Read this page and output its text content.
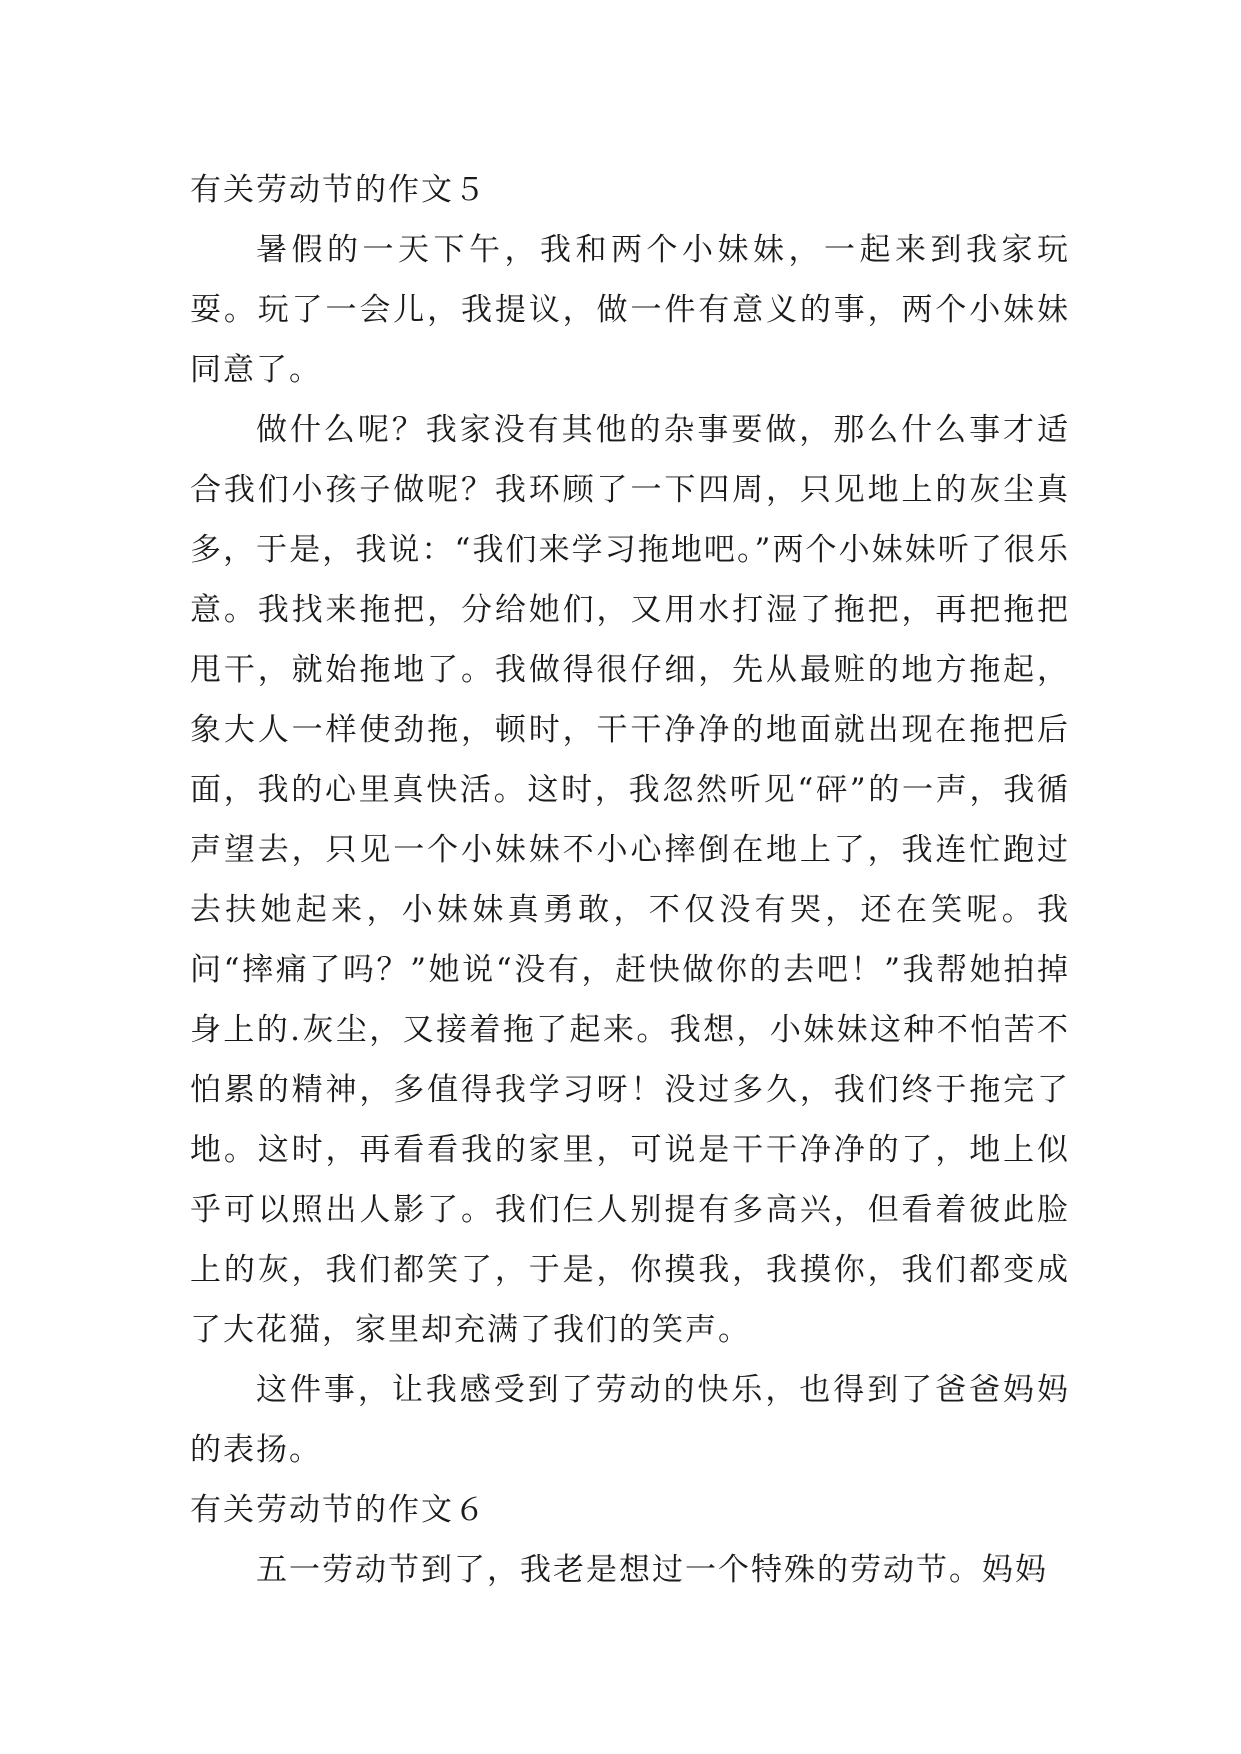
有关劳动节的作文５

暑假的一天下午，我和两个小妹妹，一起来到我家玩耍。玩了一会儿，我提议，做一件有意义的事，两个小妹妹同意了。

做什么呢？我家没有其他的杂事要做，那么什么事才适合我们小孩子做呢？我环顾了一下四周，只见地上的灰尘真多，于是，我说：“我们来学习拖地吧。”两个小妹妹听了很乐意。我找来拖把，分给她们，又用水打湿了拖把，再把拖把甩干，就始拖地了。我做得很仔细，先从最赃的地方拖起，象大人一样使劲拖，顿时，干干净净的地面就出现在拖把后面，我的心里真快活。这时，我忽然听见“砰”的一声，我循声望去，只见一个小妹妹不小心摔倒在地上了，我连忙跑过去扶她起来，小妹妹真勇敢，不仅没有哭，还在笑呢。我问“摔痛了吗？”她说“没有，赶快做你的去吧！”我帮她拍掉身上的.灰尘，又接着拖了起来。我想，小妹妹这种不怕苦不怕累的精神，多值得我学习呀！没过多久，我们终于拖完了地。这时，再看看我的家里，可说是干干净净的了，地上似乎可以照出人影了。我们仨人别提有多高兴，但看着彼此脸上的灰，我们都笑了，于是，你摸我，我摸你，我们都变成了大花猫，家里却充满了我们的笑声。

这件事，让我感受到了劳动的快乐，也得到了爸爸妈妈的表扬。

有关劳动节的作文６

五一劳动节到了，我老是想过一个特殊的劳动节。妈妈
